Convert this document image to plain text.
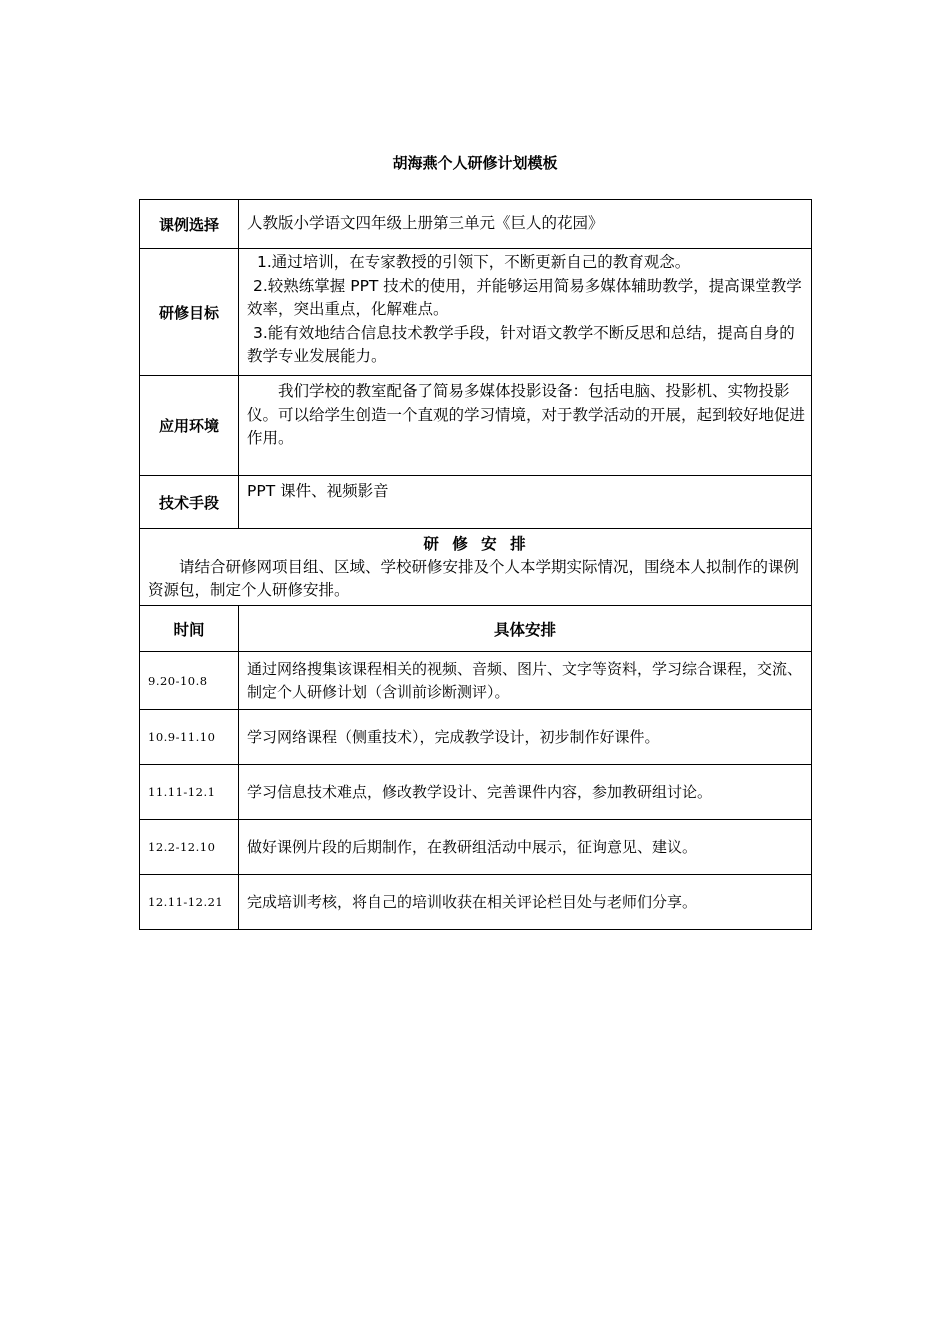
胡海燕个人研修计划模板
课例选择	人教版小学语文四年级上册第三单元《巨人的花园》
研修目标	1.通过培训，在专家教授的引领下，不断更新自己的教育观念。
2.较熟练掌握 PPT 技术的使用，并能够运用简易多媒体辅助教学，提高课堂教学效率，突出重点，化解难点。
3.能有效地结合信息技术教学手段，针对语文教学不断反思和总结，提高自身的教学专业发展能力。

应用环境	我们学校的教室配备了简易多媒体投影设备：包括电脑、投影机、实物投影仪。可以给学生创造一个直观的学习情境，对于教学活动的开展，起到较好地促进作用。

技术手段	PPT 课件、视频影音

研 修 安 排
请结合研修网项目组、区域、学校研修安排及个人本学期实际情况，围绕本人拟制作的课例资源包，制定个人研修安排。	

时间	具体安排
9.20-10.8	通过网络搜集该课程相关的视频、音频、图片、文字等资料，学习综合课程，交流、制定个人研修计划（含训前诊断测评）。
10.9-11.10	学习网络课程（侧重技术），完成教学设计，初步制作好课件。
11.11-12.1	学习信息技术难点，修改教学设计、完善课件内容，参加教研组讨论。
12.2-12.10	做好课例片段的后期制作，在教研组活动中展示，征询意见、建议。
12.11-12.21	完成培训考核，将自己的培训收获在相关评论栏目处与老师们分享。
